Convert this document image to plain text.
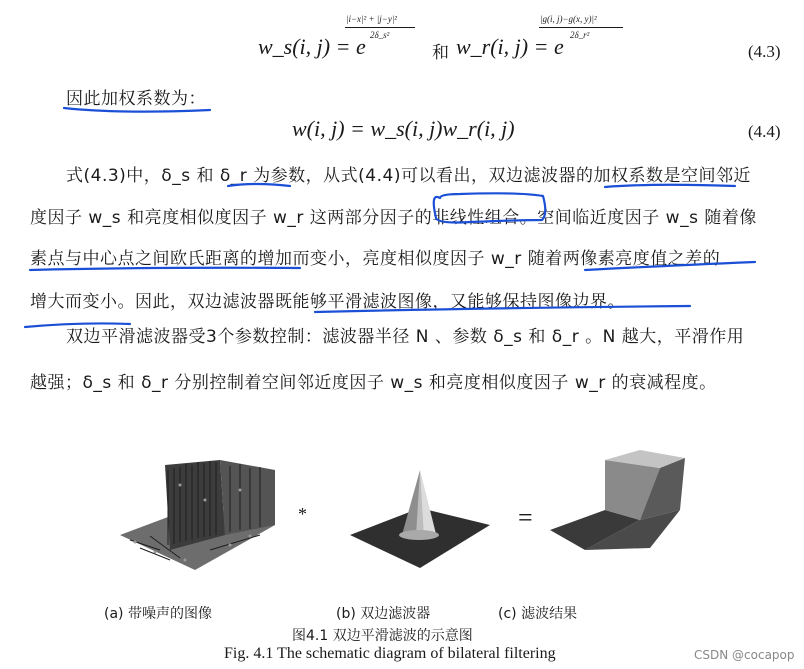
w_s(i, j) = e
|i−x|² + |j−y|²
2δ_s²
和 w_r(i, j) = e
|g(i, j)−g(x, y)|²
2δ_r²
(4.3)
因此加权系数为：
w(i, j) = w_s(i, j)w_r(i, j)	(4.4)
式(4.3)中，δ_s 和 δ_r 为参数，从式(4.4)可以看出，双边滤波器的加权系数是空间邻近
度因子 w_s 和亮度相似度因子 w_r 这两部分因子的非线性组合。空间临近度因子 w_s 随着像
素点与中心点之间欧氏距离的增加而变小，亮度相似度因子 w_r 随着两像素亮度值之差的
增大而变小。因此，双边滤波器既能够平滑滤波图像，又能够保持图像边界。
双边平滑滤波器受3个参数控制：滤波器半径 N 、参数 δ_s 和 δ_r 。N 越大，平滑作用
越强；δ_s 和 δ_r 分别控制着空间邻近度因子 w_s 和亮度相似度因子 w_r 的衰减程度。
*	=
(a) 带噪声的图像	(b) 双边滤波器	(c) 滤波结果
图4.1 双边平滑滤波的示意图
Fig. 4.1 The schematic diagram of bilateral filtering	CSDN @cocapop
